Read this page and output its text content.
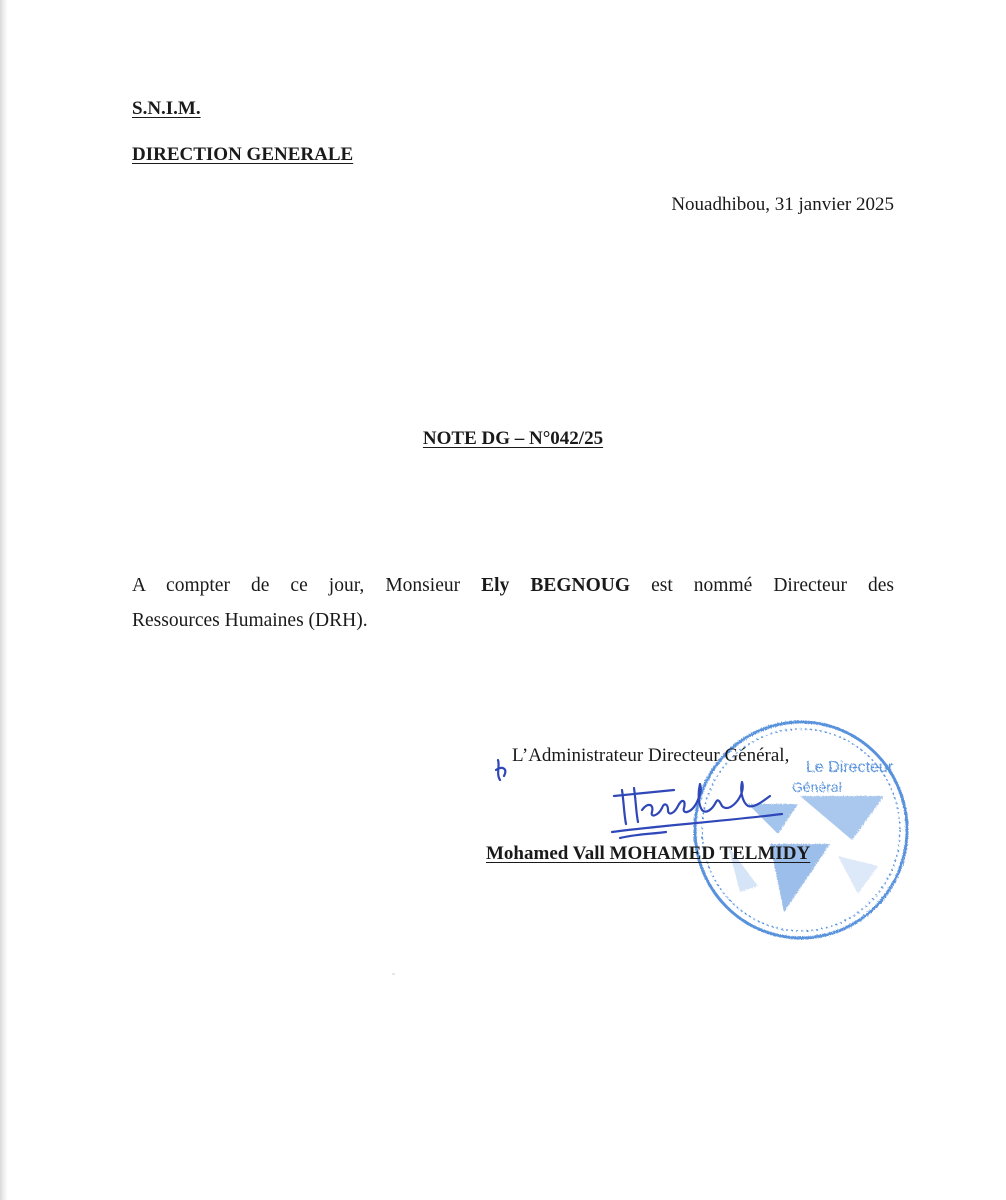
S.N.I.M.
DIRECTION GENERALE
Nouadhibou, 31 janvier 2025
NOTE DG – N°042/25
A compter de ce jour, Monsieur Ely BEGNOUG est nommé Directeur des
Ressources Humaines (DRH).
Le Directeur
Général
L’Administrateur Directeur Général,
Mohamed Vall MOHAMED TELMIDY
